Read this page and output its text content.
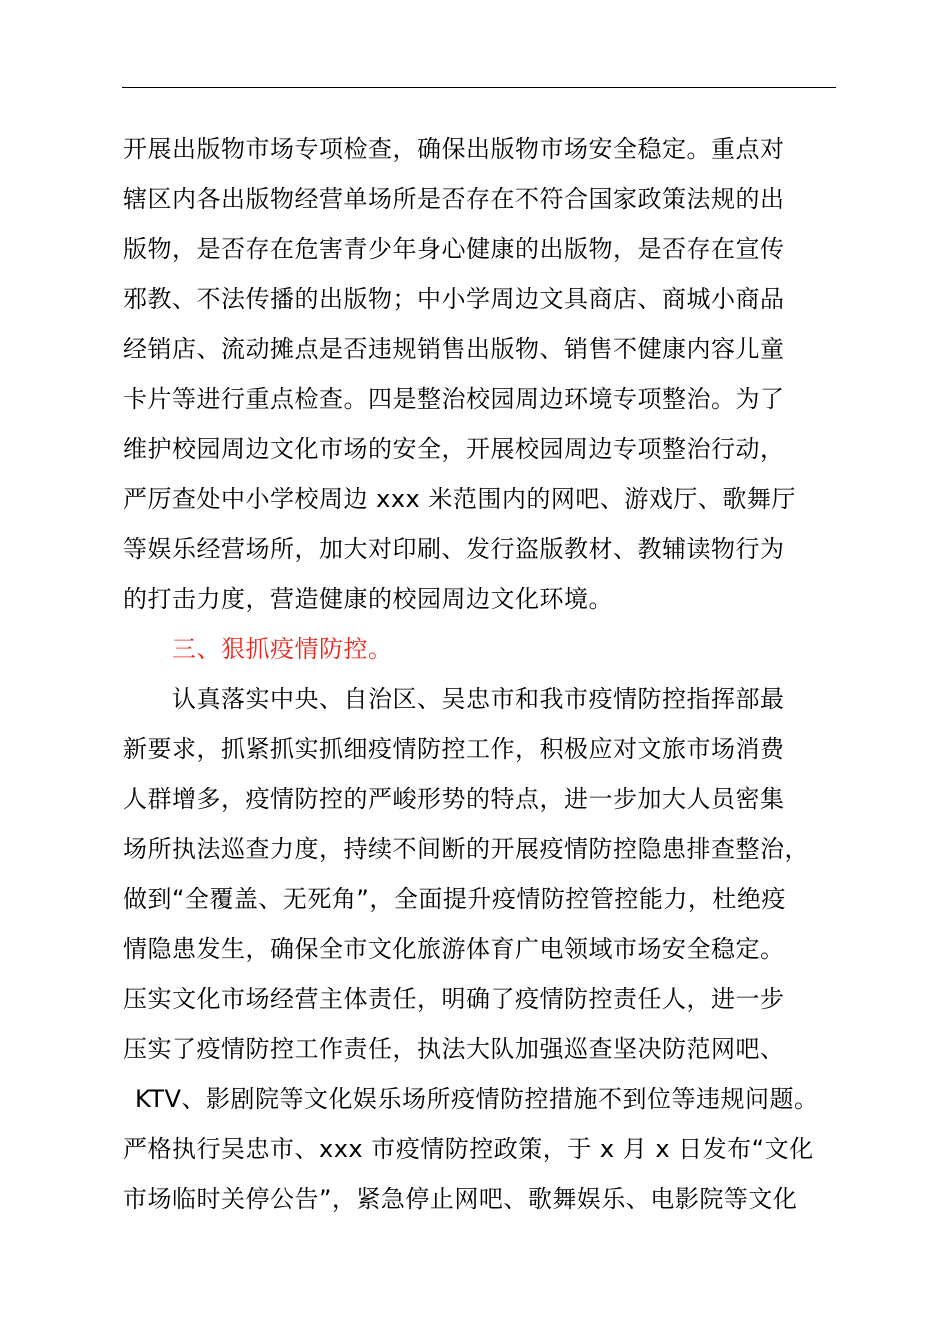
开展出版物市场专项检查，确保出版物市场安全稳定。重点对
辖区内各出版物经营单场所是否存在不符合国家政策法规的出
版物，是否存在危害青少年身心健康的出版物，是否存在宣传
邪教、不法传播的出版物；中小学周边文具商店、商城小商品
经销店、流动摊点是否违规销售出版物、销售不健康内容儿童
卡片等进行重点检查。四是整治校园周边环境专项整治。为了
维护校园周边文化市场的安全，开展校园周边专项整治行动，
严厉查处中小学校周边 xxx 米范围内的网吧、游戏厅、歌舞厅
等娱乐经营场所，加大对印刷、发行盗版教材、教辅读物行为
的打击力度，营造健康的校园周边文化环境。
三、狠抓疫情防控。
认真落实中央、自治区、吴忠市和我市疫情防控指挥部最
新要求，抓紧抓实抓细疫情防控工作，积极应对文旅市场消费
人群增多，疫情防控的严峻形势的特点，进一步加大人员密集
场所执法巡查力度，持续不间断的开展疫情防控隐患排查整治，
做到“全覆盖、无死角”，全面提升疫情防控管控能力，杜绝疫
情隐患发生，确保全市文化旅游体育广电领域市场安全稳定。
压实文化市场经营主体责任，明确了疫情防控责任人，进一步
压实了疫情防控工作责任，执法大队加强巡查坚决防范网吧、
KTV、影剧院等文化娱乐场所疫情防控措施不到位等违规问题。
严格执行吴忠市、xxx 市疫情防控政策，于 x 月 x 日发布“文化
市场临时关停公告”，紧急停止网吧、歌舞娱乐、电影院等文化
